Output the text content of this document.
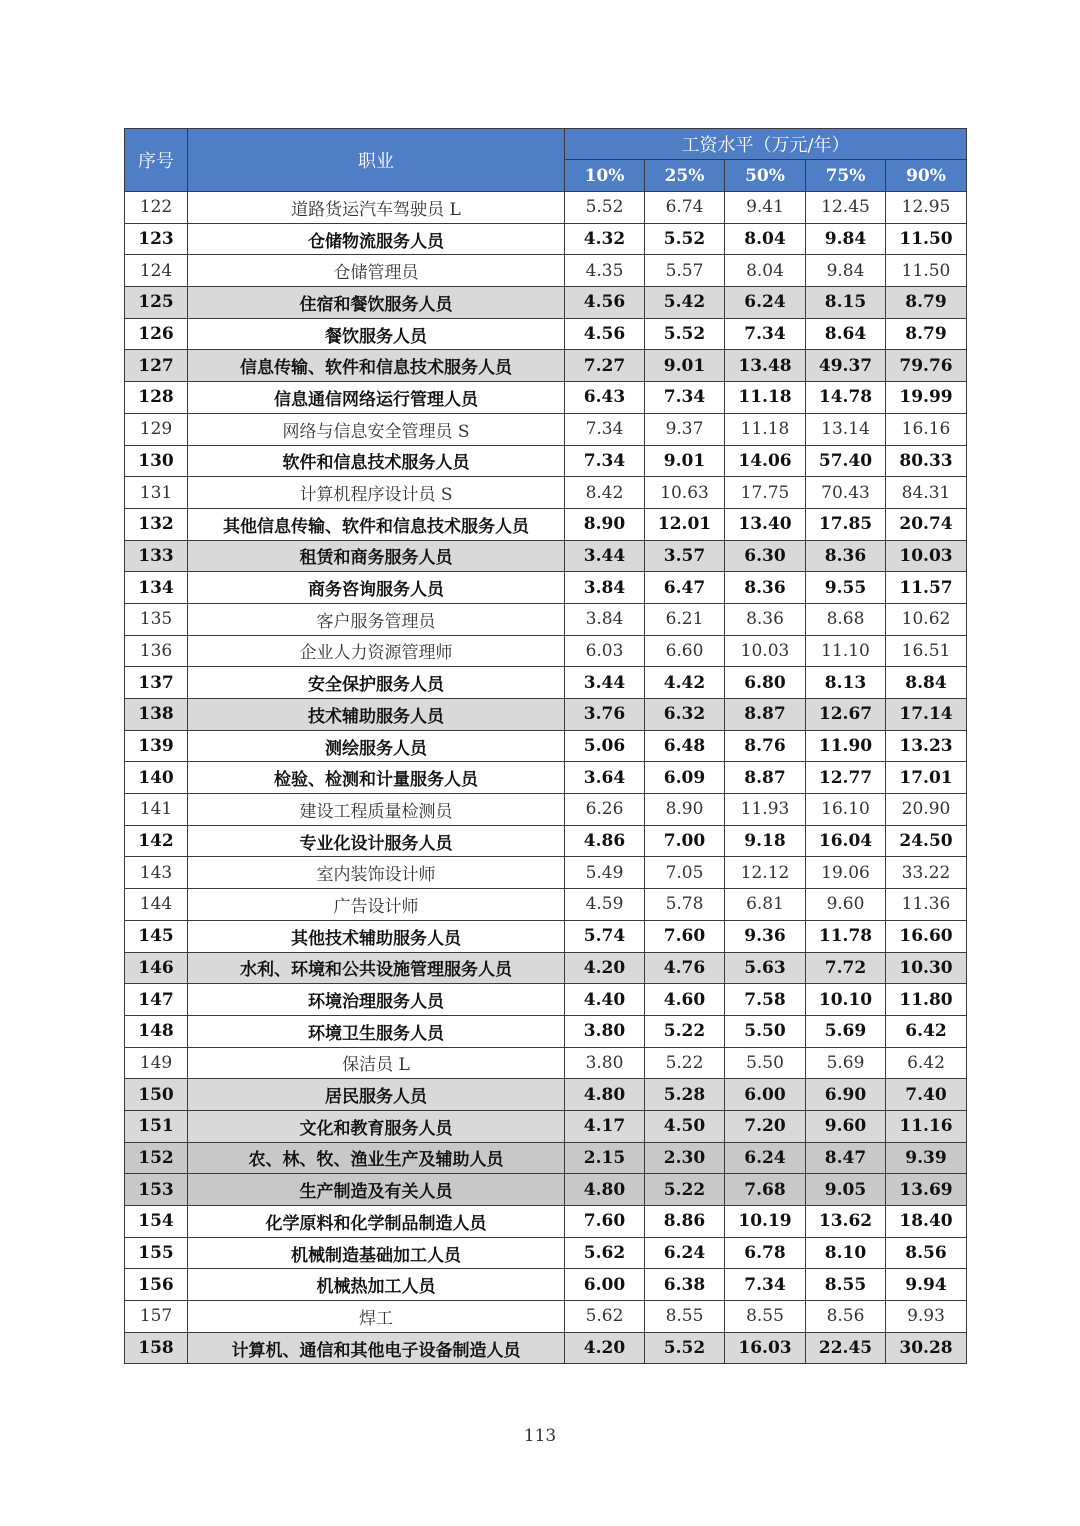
序号	职业	工资水平（万元/年）				
		10%	25%	50%	75%	90%
122	道路货运汽车驾驶员 L	5.52	6.74	9.41	12.45	12.95
123	仓储物流服务人员	4.32	5.52	8.04	9.84	11.50
124	仓储管理员	4.35	5.57	8.04	9.84	11.50
125	住宿和餐饮服务人员	4.56	5.42	6.24	8.15	8.79
126	餐饮服务人员	4.56	5.52	7.34	8.64	8.79
127	信息传输、软件和信息技术服务人员	7.27	9.01	13.48	49.37	79.76
128	信息通信网络运行管理人员	6.43	7.34	11.18	14.78	19.99
129	网络与信息安全管理员 S	7.34	9.37	11.18	13.14	16.16
130	软件和信息技术服务人员	7.34	9.01	14.06	57.40	80.33
131	计算机程序设计员 S	8.42	10.63	17.75	70.43	84.31
132	其他信息传输、软件和信息技术服务人员	8.90	12.01	13.40	17.85	20.74
133	租赁和商务服务人员	3.44	3.57	6.30	8.36	10.03
134	商务咨询服务人员	3.84	6.47	8.36	9.55	11.57
135	客户服务管理员	3.84	6.21	8.36	8.68	10.62
136	企业人力资源管理师	6.03	6.60	10.03	11.10	16.51
137	安全保护服务人员	3.44	4.42	6.80	8.13	8.84
138	技术辅助服务人员	3.76	6.32	8.87	12.67	17.14
139	测绘服务人员	5.06	6.48	8.76	11.90	13.23
140	检验、检测和计量服务人员	3.64	6.09	8.87	12.77	17.01
141	建设工程质量检测员	6.26	8.90	11.93	16.10	20.90
142	专业化设计服务人员	4.86	7.00	9.18	16.04	24.50
143	室内装饰设计师	5.49	7.05	12.12	19.06	33.22
144	广告设计师	4.59	5.78	6.81	9.60	11.36
145	其他技术辅助服务人员	5.74	7.60	9.36	11.78	16.60
146	水利、环境和公共设施管理服务人员	4.20	4.76	5.63	7.72	10.30
147	环境治理服务人员	4.40	4.60	7.58	10.10	11.80
148	环境卫生服务人员	3.80	5.22	5.50	5.69	6.42
149	保洁员 L	3.80	5.22	5.50	5.69	6.42
150	居民服务人员	4.80	5.28	6.00	6.90	7.40
151	文化和教育服务人员	4.17	4.50	7.20	9.60	11.16
152	农、林、牧、渔业生产及辅助人员	2.15	2.30	6.24	8.47	9.39
153	生产制造及有关人员	4.80	5.22	7.68	9.05	13.69
154	化学原料和化学制品制造人员	7.60	8.86	10.19	13.62	18.40
155	机械制造基础加工人员	5.62	6.24	6.78	8.10	8.56
156	机械热加工人员	6.00	6.38	7.34	8.55	9.94
157	焊工	5.62	8.55	8.55	8.56	9.93
158	计算机、通信和其他电子设备制造人员	4.20	5.52	16.03	22.45	30.28
113
